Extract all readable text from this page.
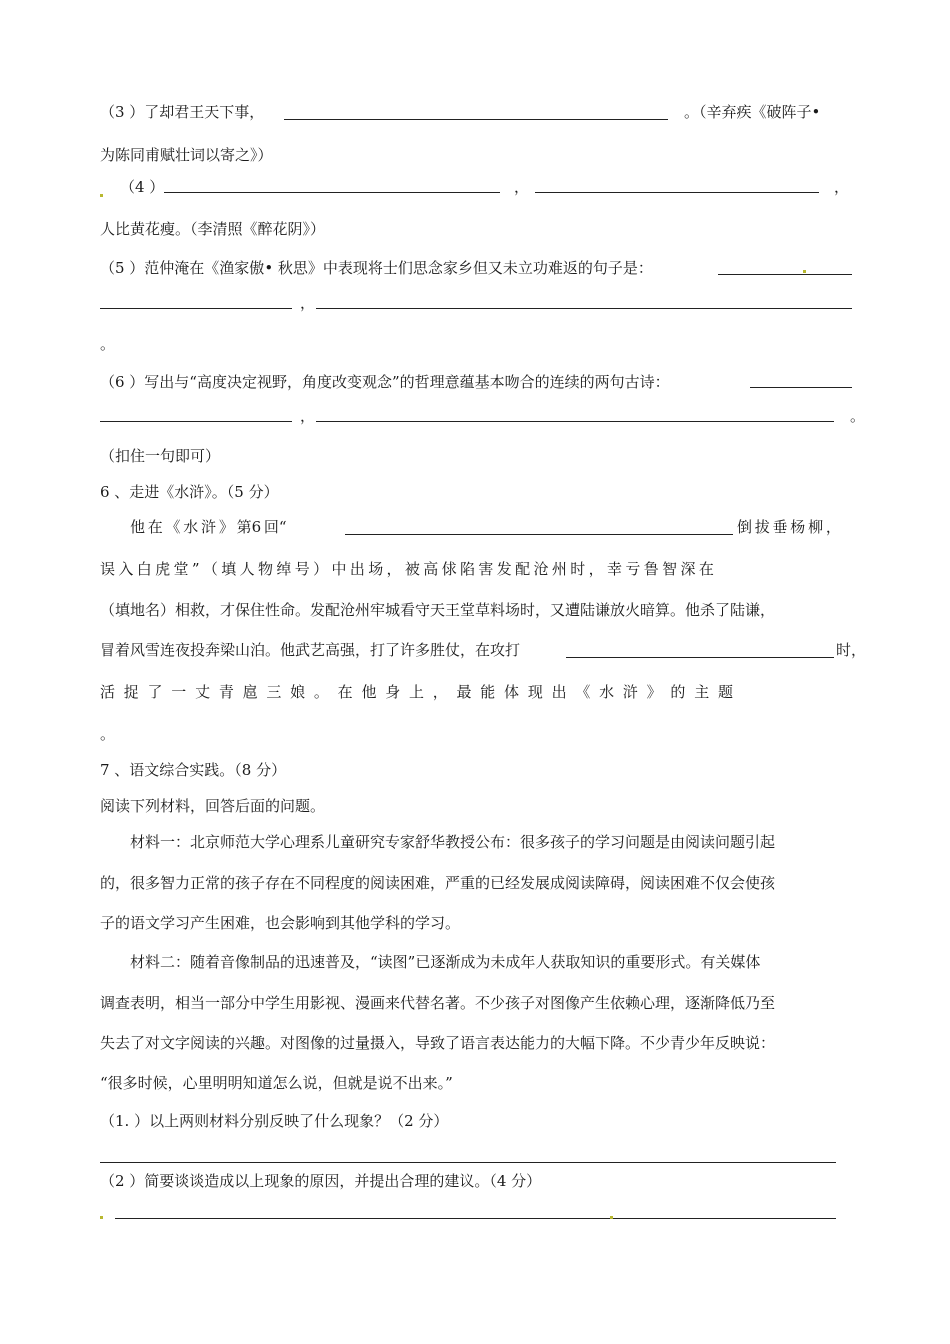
（3 ）了却君王天下事，	。（辛弃疾《破阵子•
为陈同甫赋壮词以寄之》）
（4 ）	，	，
人比黄花瘦。（李清照《醉花阴》）
（5 ）范仲淹在《渔家傲• 秋思》中表现将士们思念家乡但又未立功难返的句子是：
，
。
（6 ）写出与“高度决定视野，角度改变观念”的哲理意蕴基本吻合的连续的两句古诗：
，	。
（扣住一句即可）
6 、走进《水浒》。（5 分）
他 在 《 水 浒 》 第6 回“	倒 拔 垂 杨 柳 ，
误 入 白 虎 堂 ” （ 填 人 物 绰 号 ） 中 出 场 ， 被 高 俅 陷 害 发 配 沧 州 时 ， 幸 亏 鲁 智 深 在
（填地名）相救，才保住性命。发配沧州牢城看守天王堂草料场时，又遭陆谦放火暗算。他杀了陆谦，
冒着风雪连夜投奔梁山泊。他武艺高强，打了许多胜仗，在攻打	时，
活 捉 了 一 丈 青 扈 三 娘 。 在 他 身 上 ， 最 能 体 现 出 《 水 浒 》 的 主 题
。
7 、语文综合实践。（8 分）
阅读下列材料，回答后面的问题。
材料一：北京师范大学心理系儿童研究专家舒华教授公布：很多孩子的学习问题是由阅读问题引起
的，很多智力正常的孩子存在不同程度的阅读困难，严重的已经发展成阅读障碍，阅读困难不仅会使孩
子的语文学习产生困难，也会影响到其他学科的学习。
材料二：随着音像制品的迅速普及，“读图”已逐渐成为未成年人获取知识的重要形式。有关媒体
调查表明，相当一部分中学生用影视、漫画来代替名著。不少孩子对图像产生依赖心理，逐渐降低乃至
失去了对文字阅读的兴趣。对图像的过量摄入，导致了语言表达能力的大幅下降。不少青少年反映说：
“很多时候，心里明明知道怎么说，但就是说不出来。”
（1. ）以上两则材料分别反映了什么现象？（2 分）
（2 ）简要谈谈造成以上现象的原因，并提出合理的建议。（4 分）
